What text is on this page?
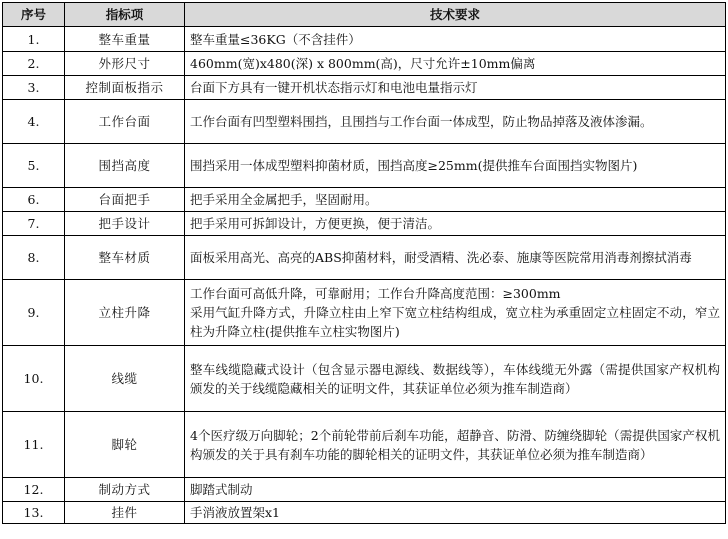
序号	指标项	技术要求
1.	整车重量	整车重量≤36KG（不含挂件）
2.	外形尺寸	460mm(宽)x480(深) x 800mm(高)，尺寸允许±10mm偏离
3.	控制面板指示	台面下方具有一键开机状态指示灯和电池电量指示灯
4.	工作台面	工作台面有凹型塑料围挡，且围挡与工作台面一体成型，防止物品掉落及液体渗漏。
5.	围挡高度	围挡采用一体成型塑料抑菌材质，围挡高度≥25mm(提供推车台面围挡实物图片)
6.	台面把手	把手采用全金属把手，坚固耐用。
7.	把手设计	把手采用可拆卸设计，方便更换，便于清洁。
8.	整车材质	面板采用高光、高亮的ABS抑菌材料，耐受酒精、洗必泰、施康等医院常用消毒剂擦拭消毒
9.	立柱升降	工作台面可高低升降，可靠耐用；工作台升降高度范围：≥300mm
采用气缸升降方式，升降立柱由上窄下宽立柱结构组成，宽立柱为承重固定立柱固定不动，窄立柱为升降立柱(提供推车立柱实物图片)
10.	线缆	整车线缆隐藏式设计（包含显示器电源线、数据线等），车体线缆无外露（需提供国家产权机构颁发的关于线缆隐藏相关的证明文件，其获证单位必须为推车制造商）
11.	脚轮	4个医疗级万向脚轮；2个前轮带前后刹车功能，超静音、防滑、防缠绕脚轮（需提供国家产权机构颁发的关于具有刹车功能的脚轮相关的证明文件，其获证单位必须为推车制造商）
12.	制动方式	脚踏式制动
13.	挂件	手消液放置架x1
